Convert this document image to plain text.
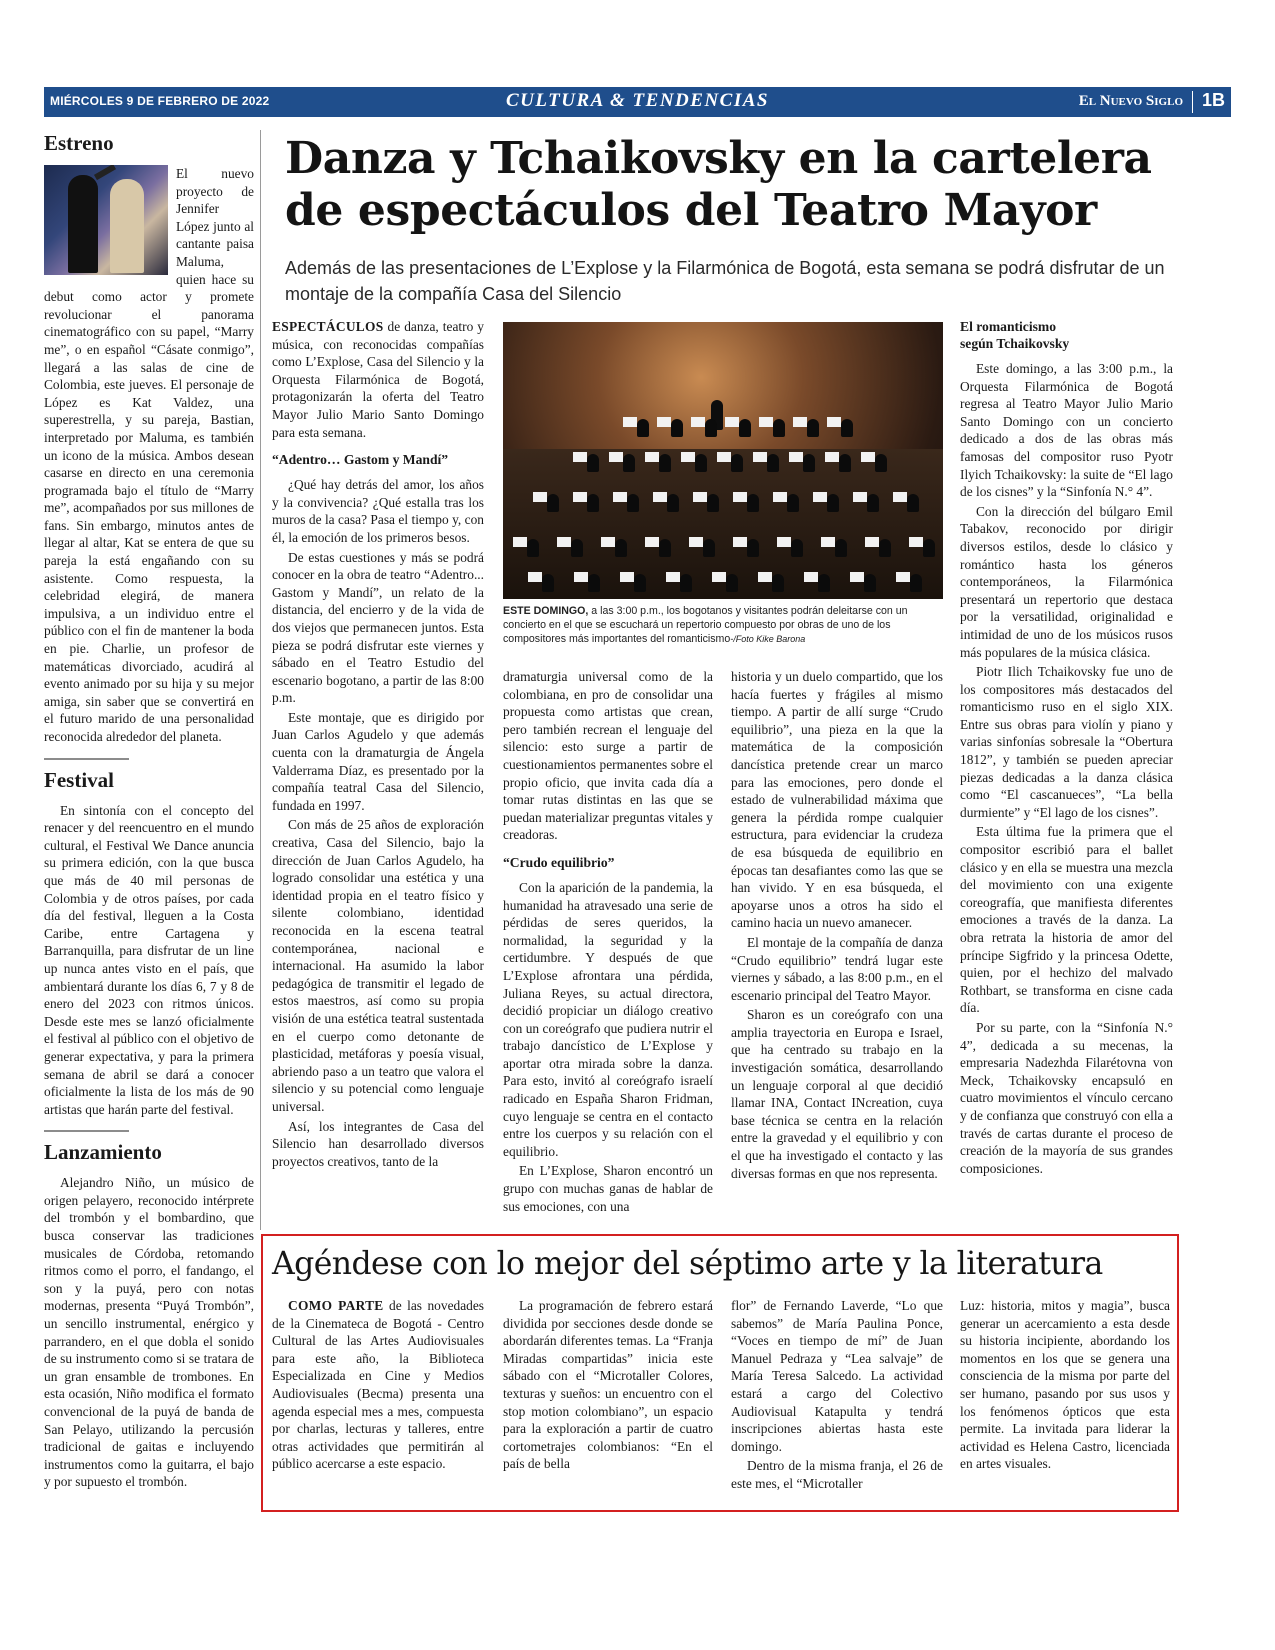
MIÉRCOLES 9 DE FEBRERO DE 2022	CULTURA & TENDENCIAS	El Nuevo Siglo 1B
Estreno

El nuevo proyecto de Jennifer López junto al cantante paisa Maluma, quien hace su debut como actor y promete revolucionar el panorama cinematográfico con su papel, “Marry me”, o en español “Cásate conmigo”, llegará a las salas de cine de Colombia, este jueves. El personaje de López es Kat Valdez, una superestrella, y su pareja, Bastian, interpretado por Maluma, es también un icono de la música. Ambos desean casarse en directo en una ceremonia programada bajo el título de “Marry me”, acompañados por sus millones de fans. Sin embargo, minutos antes de llegar al altar, Kat se entera de que su pareja la está engañando con su asistente. Como respuesta, la celebridad elegirá, de manera impulsiva, a un individuo entre el público con el fin de mantener la boda en pie. Charlie, un profesor de matemáticas divorciado, acudirá al evento animado por su hija y su mejor amiga, sin saber que se convertirá en el futuro marido de una personalidad reconocida alrededor del planeta.

Festival

En sintonía con el concepto del renacer y del reencuentro en el mundo cultural, el Festival We Dance anuncia su primera edición, con la que busca que más de 40 mil personas de Colombia y de otros países, por cada día del festival, lleguen a la Costa Caribe, entre Cartagena y Barranquilla, para disfrutar de un line up nunca antes visto en el país, que ambientará durante los días 6, 7 y 8 de enero del 2023 con ritmos únicos. Desde este mes se lanzó oficialmente el festival al público con el objetivo de generar expectativa, y para la primera semana de abril se dará a conocer oficialmente la lista de los más de 90 artistas que harán parte del festival.

Lanzamiento

Alejandro Niño, un músico de origen pelayero, reconocido intérprete del trombón y el bombardino, que busca conservar las tradiciones musicales de Córdoba, retomando ritmos como el porro, el fandango, el son y la puyá, pero con notas modernas, presenta “Puyá Trombón”, un sencillo instrumental, enérgico y parrandero, en el que dobla el sonido de su instrumento como si se tratara de un gran ensamble de trombones. En esta ocasión, Niño modifica el formato convencional de la puyá de banda de San Pelayo, utilizando la percusión tradicional de gaitas e incluyendo instrumentos como la guitarra, el bajo y por supuesto el trombón.

Danza y Tchaikovsky en la cartelera
de espectáculos del Teatro Mayor
Además de las presentaciones de L’Explose y la Filarmónica de Bogotá, esta semana se podrá disfrutar de un montaje de la compañía Casa del Silencio

ESPECTÁCULOS de danza, teatro y música, con reconocidas compañías como L’Explose, Casa del Silencio y la Orquesta Filarmónica de Bogotá, protagonizarán la oferta del Teatro Mayor Julio Mario Santo Domingo para esta semana.

“Adentro… Gastom y Mandí”

¿Qué hay detrás del amor, los años y la convivencia? ¿Qué estalla tras los muros de la casa? Pasa el tiempo y, con él, la emoción de los primeros besos.

De estas cuestiones y más se podrá conocer en la obra de teatro “Adentro... Gastom y Mandí”, un relato de la distancia, del encierro y de la vida de dos viejos que permanecen juntos. Esta pieza se podrá disfrutar este viernes y sábado en el Teatro Estudio del escenario bogotano, a partir de las 8:00 p.m.

Este montaje, que es dirigido por Juan Carlos Agudelo y que además cuenta con la dramaturgia de Ángela Valderrama Díaz, es presentado por la compañía teatral Casa del Silencio, fundada en 1997.

Con más de 25 años de exploración creativa, Casa del Silencio, bajo la dirección de Juan Carlos Agudelo, ha logrado consolidar una estética y una identidad propia en el teatro físico y silente colombiano, identidad reconocida en la escena teatral contemporánea, nacional e internacional. Ha asumido la labor pedagógica de transmitir el legado de estos maestros, así como su propia visión de una estética teatral sustentada en el cuerpo como detonante de plasticidad, metáforas y poesía visual, abriendo paso a un teatro que valora el silencio y su potencial como lenguaje universal.

Así, los integrantes de Casa del Silencio han desarrollado diversos proyectos creativos, tanto de la

ESTE DOMINGO, a las 3:00 p.m., los bogotanos y visitantes podrán deleitarse con un concierto en el que se escuchará un repertorio compuesto por obras de uno de los compositores más importantes del romanticismo-/Foto Kike Barona

dramaturgia universal como de la colombiana, en pro de consolidar una propuesta como artistas que crean, pero también recrean el lenguaje del silencio: esto surge a partir de cuestionamientos permanentes sobre el propio oficio, que invita cada día a tomar rutas distintas en las que se puedan materializar preguntas vitales y creadoras.

“Crudo equilibrio”

Con la aparición de la pandemia, la humanidad ha atravesado una serie de pérdidas de seres queridos, la normalidad, la seguridad y la certidumbre. Y después de que L’Explose afrontara una pérdida, Juliana Reyes, su actual directora, decidió propiciar un diálogo creativo con un coreógrafo que pudiera nutrir el trabajo dancístico de L’Explose y aportar otra mirada sobre la danza. Para esto, invitó al coreógrafo israelí radicado en España Sharon Fridman, cuyo lenguaje se centra en el contacto entre los cuerpos y su relación con el equilibrio.

En L’Explose, Sharon encontró un grupo con muchas ganas de hablar de sus emociones, con una

historia y un duelo compartido, que los hacía fuertes y frágiles al mismo tiempo. A partir de allí surge “Crudo equilibrio”, una pieza en la que la matemática de la composición dancística pretende crear un marco para las emociones, pero donde el estado de vulnerabilidad máxima que genera la pérdida rompe cualquier estructura, para evidenciar la crudeza de esa búsqueda de equilibrio en épocas tan desafiantes como las que se han vivido. Y en esa búsqueda, el apoyarse unos a otros ha sido el camino hacia un nuevo amanecer.

El montaje de la compañía de danza “Crudo equilibrio” tendrá lugar este viernes y sábado, a las 8:00 p.m., en el escenario principal del Teatro Mayor.

Sharon es un coreógrafo con una amplia trayectoria en Europa e Israel, que ha centrado su trabajo en la investigación somática, desarrollando un lenguaje corporal al que decidió llamar INA, Contact INcreation, cuya base técnica se centra en la relación entre la gravedad y el equilibrio y con el que ha investigado el contacto y las diversas formas en que nos representa.

El romanticismo
según Tchaikovsky

Este domingo, a las 3:00 p.m., la Orquesta Filarmónica de Bogotá regresa al Teatro Mayor Julio Mario Santo Domingo con un concierto dedicado a dos de las obras más famosas del compositor ruso Pyotr Ilyich Tchaikovsky: la suite de “El lago de los cisnes” y la “Sinfonía N.° 4”.

Con la dirección del búlgaro Emil Tabakov, reconocido por dirigir diversos estilos, desde lo clásico y romántico hasta los géneros contemporáneos, la Filarmónica presentará un repertorio que destaca por la versatilidad, originalidad e intimidad de uno de los músicos rusos más populares de la música clásica.

Piotr Ilich Tchaikovsky fue uno de los compositores más destacados del romanticismo ruso en el siglo XIX. Entre sus obras para violín y piano y varias sinfonías sobresale la “Obertura 1812”, y también se pueden apreciar piezas dedicadas a la danza clásica como “El cascanueces”, “La bella durmiente” y “El lago de los cisnes”.

Esta última fue la primera que el compositor escribió para el ballet clásico y en ella se muestra una mezcla del movimiento con una exigente coreografía, que manifiesta diferentes emociones a través de la danza. La obra retrata la historia de amor del príncipe Sigfrido y la princesa Odette, quien, por el hechizo del malvado Rothbart, se transforma en cisne cada día.

Por su parte, con la “Sinfonía N.° 4”, dedicada a su mecenas, la empresaria Nadezhda Filarétovna von Meck, Tchaikovsky encapsuló en cuatro movimientos el vínculo cercano y de confianza que construyó con ella a través de cartas durante el proceso de creación de la mayoría de sus grandes composiciones.

Agéndese con lo mejor del séptimo arte y la literatura

COMO PARTE de las novedades de la Cinemateca de Bogotá - Centro Cultural de las Artes Audiovisuales para este año, la Biblioteca Especializada en Cine y Medios Audiovisuales (Becma) presenta una agenda especial mes a mes, compuesta por charlas, lecturas y talleres, entre otras actividades que permitirán al público acercarse a este espacio.

La programación de febrero estará dividida por secciones desde donde se abordarán diferentes temas. La “Franja Miradas compartidas” inicia este sábado con el “Microtaller Colores, texturas y sueños: un encuentro con el stop motion colombiano”, un espacio para la exploración a partir de cuatro cortometrajes colombianos: “En el país de bella

flor” de Fernando Laverde, “Lo que sabemos” de María Paulina Ponce, “Voces en tiempo de mí” de Juan Manuel Pedraza y “Lea salvaje” de María Teresa Salcedo. La actividad estará a cargo del Colectivo Audiovisual Katapulta y tendrá inscripciones abiertas hasta este domingo.

Dentro de la misma franja, el 26 de este mes, el “Microtaller

Luz: historia, mitos y magia”, busca generar un acercamiento a esta desde su historia incipiente, abordando los momentos en los que se genera una consciencia de la misma por parte del ser humano, pasando por sus usos y los fenómenos ópticos que esta permite. La invitada para liderar la actividad es Helena Castro, licenciada en artes visuales.
